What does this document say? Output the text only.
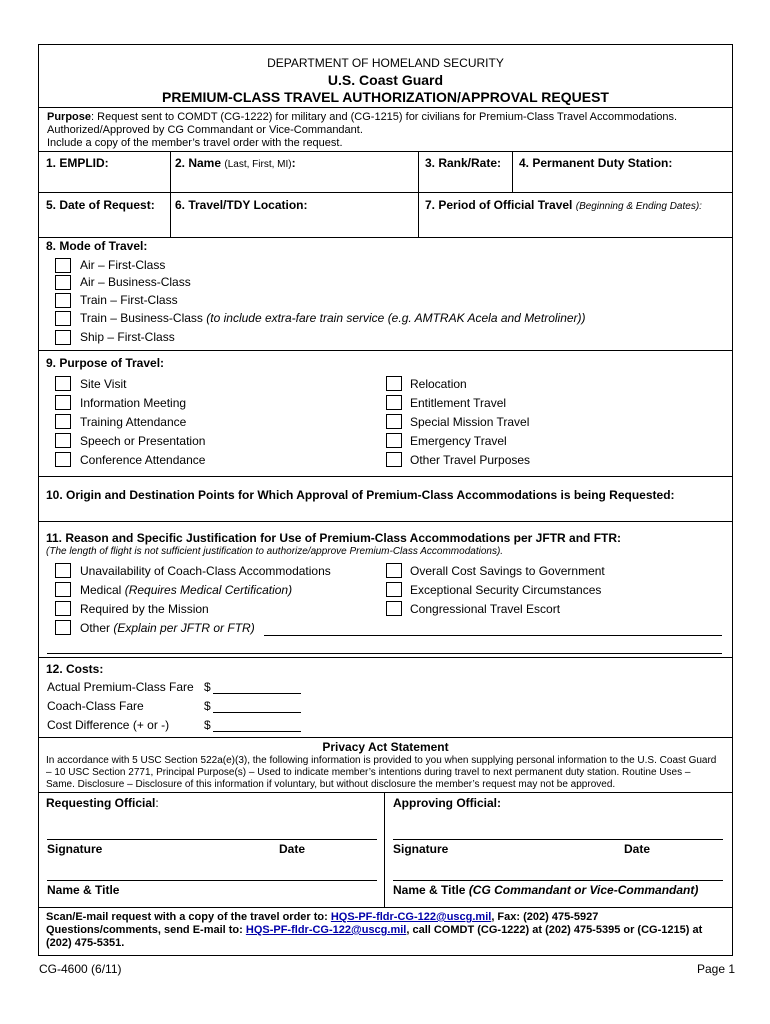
DEPARTMENT OF HOMELAND SECURITY
U.S. Coast Guard
PREMIUM-CLASS TRAVEL AUTHORIZATION/APPROVAL REQUEST
Purpose: Request sent to COMDT (CG-1222) for military and (CG-1215) for civilians for Premium-Class Travel Accommodations.
Authorized/Approved by CG Commandant or Vice-Commandant.
Include a copy of the member’s travel order with the request.
1. EMPLID:	2. Name (Last, First, MI):	3. Rank/Rate: 4. Permanent Duty Station:
5. Date of Request: 6. Travel/TDY Location:	7. Period of Official Travel (Beginning & Ending Dates):
8. Mode of Travel:
Air – First-Class
Air – Business-Class
Train – First-Class
Train – Business-Class (to include extra-fare train service (e.g. AMTRAK Acela and Metroliner))
Ship – First-Class
9. Purpose of Travel:
Site Visit
Information Meeting
Training Attendance
Speech or Presentation
Conference Attendance
Relocation
Entitlement Travel
Special Mission Travel
Emergency Travel
Other Travel Purposes
10. Origin and Destination Points for Which Approval of Premium-Class Accommodations is being Requested:
11. Reason and Specific Justification for Use of Premium-Class Accommodations per JFTR and FTR:
(The length of flight is not sufficient justification to authorize/approve Premium-Class Accommodations).
Unavailability of Coach-Class Accommodations
Medical (Requires Medical Certification)
Required by the Mission
Other (Explain per JFTR or FTR)
Overall Cost Savings to Government
Exceptional Security Circumstances
Congressional Travel Escort
12. Costs:
Actual Premium-Class Fare $
Coach-Class Fare	$
Cost Difference (+ or -)	$
Privacy Act Statement
In accordance with 5 USC Section 522a(e)(3), the following information is provided to you when supplying personal information to the U.S. Coast Guard
– 10 USC Section 2771, Principal Purpose(s) – Used to indicate member’s intentions during travel to next permanent duty station. Routine Uses –
Same. Disclosure – Disclosure of this information if voluntary, but without disclosure the member’s request may not be approved.
Requesting Official:	Approving Official:
Signature	Date	Signature	Date
Name & Title	Name & Title (CG Commandant or Vice-Commandant)
Scan/E-mail request with a copy of the travel order to: HQS-PF-fldr-CG-122@uscg.mil, Fax: (202) 475-5927
Questions/comments, send E-mail to: HQS-PF-fldr-CG-122@uscg.mil, call COMDT (CG-1222) at (202) 475-5395 or (CG-1215) at
(202) 475-5351.
CG-4600 (6/11)	Page 1
